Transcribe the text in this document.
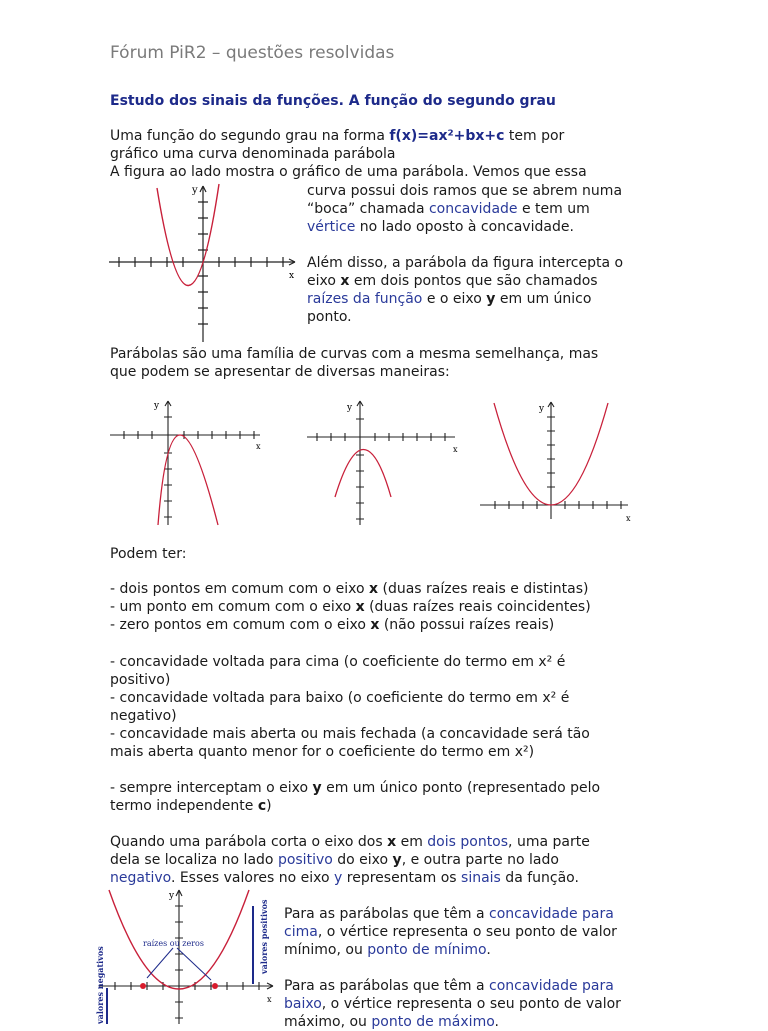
Fórum PiR2 – questões resolvidas
Estudo dos sinais da funções. A função do segundo grau
Uma função do segundo grau na forma f(x)=ax²+bx+c tem por
gráfico uma curva denominada parábola
A figura ao lado mostra o gráfico de uma parábola. Vemos que essa
curva possui dois ramos que se abrem numa
“boca” chamada concavidade e tem um
vértice no lado oposto à concavidade.
Além disso, a parábola da figura intercepta o
eixo x em dois pontos que são chamados
raízes da função e o eixo y em um único
ponto.
y
x
Parábolas são uma família de curvas com a mesma semelhança, mas
que podem se apresentar de diversas maneiras:
y
x
y
x
y
x
Podem ter:
- dois pontos em comum com o eixo x (duas raízes reais e distintas)
- um ponto em comum com o eixo x (duas raízes reais coincidentes)
- zero pontos em comum com o eixo x (não possui raízes reais)
- concavidade voltada para cima (o coeficiente do termo em x² é
positivo)
- concavidade voltada para baixo (o coeficiente do termo em x² é
negativo)
- concavidade mais aberta ou mais fechada (a concavidade será tão
mais aberta quanto menor for o coeficiente do termo em x²)
- sempre interceptam o eixo y em um único ponto (representado pelo
termo independente c)
Quando uma parábola corta o eixo dos x em dois pontos, uma parte
dela se localiza no lado positivo do eixo y, e outra parte no lado
negativo. Esses valores no eixo y representam os sinais da função.
y
x
raízes ou zeros	valores positivos
valores negativos
Para as parábolas que têm a concavidade para
cima, o vértice representa o seu ponto de valor
mínimo, ou ponto de mínimo.
Para as parábolas que têm a concavidade para
baixo, o vértice representa o seu ponto de valor
máximo, ou ponto de máximo.
